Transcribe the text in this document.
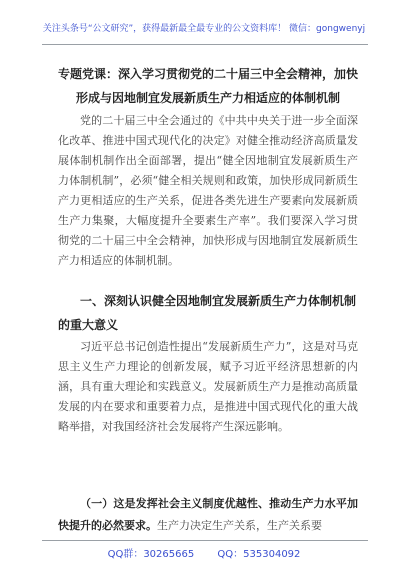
关注头条号“公文研究”，获得最新最全最专业的公文资料库！ 微信：gongwenyj
专题党课：深入学习贯彻党的二十届三中全会精神，加快形成与因地制宜发展新质生产力相适应的体制机制
党的二十届三中全会通过的《中共中央关于进一步全面深化改革、推进中国式现代化的决定》对健全推动经济高质量发展体制机制作出全面部署，提出“健全因地制宜发展新质生产力体制机制”，必须“健全相关规则和政策，加快形成同新质生产力更相适应的生产关系，促进各类先进生产要素向发展新质生产力集聚，大幅度提升全要素生产率”。我们要深入学习贯彻党的二十届三中全会精神，加快形成与因地制宜发展新质生产力相适应的体制机制。
一、深刻认识健全因地制宜发展新质生产力体制机制的重大意义
习近平总书记创造性提出“发展新质生产力”，这是对马克思主义生产力理论的创新发展，赋予习近平经济思想新的内涵，具有重大理论和实践意义。发展新质生产力是推动高质量发展的内在要求和重要着力点，是推进中国式现代化的重大战略举措，对我国经济社会发展将产生深远影响。
（一）这是发挥社会主义制度优越性、推动生产力水平加快提升的必然要求。生产力决定生产关系，生产关系要
QQ群：30265665 QQ：535304092
